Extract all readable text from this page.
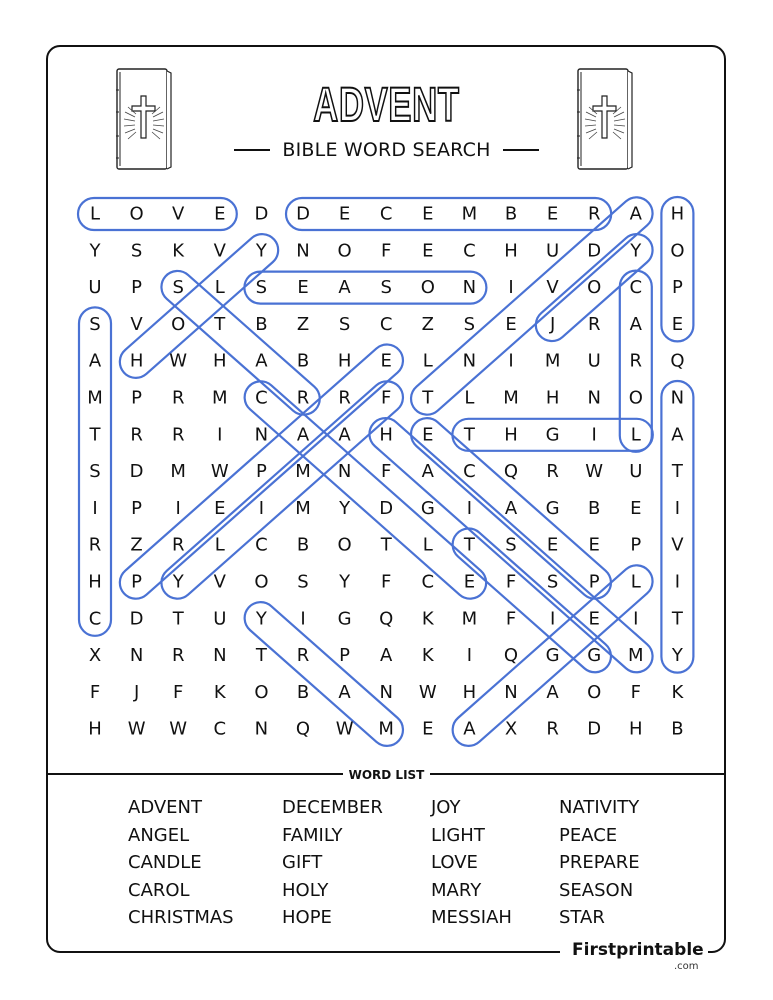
ADVENT
BIBLE WORD SEARCH
L O V E D D E C E M B E R A H
Y S K V Y N O F E C H U D Y O
U P S L S E A S O N I V O C P
S V O T B Z S C Z S E J R A E
A H W H A B H E L N I M U R Q
M P R M C R R F T L M H N O N
T R R I N A A H E T H G I L A
S D M W P M N F A C Q R W U T
I P I E I M Y D G I A G B E I
R Z R L C B O T L T S E E P V
H P Y V O S Y F C E F S P L I
C D T U Y I G Q K M F I E I T
X N R N T R P A K I Q G G M Y
F J F K O B A N W H N A O F K
H W W C N Q W M E A X R D H B
WORD LIST
ADVENT	DECEMBER	JOY	NATIVITY
ANGEL	FAMILY	LIGHT	PEACE
CANDLE	GIFT	LOVE	PREPARE
CAROL	HOLY	MARY	SEASON
CHRISTMAS	HOPE	MESSIAH	STAR
Firstprintable
.com
